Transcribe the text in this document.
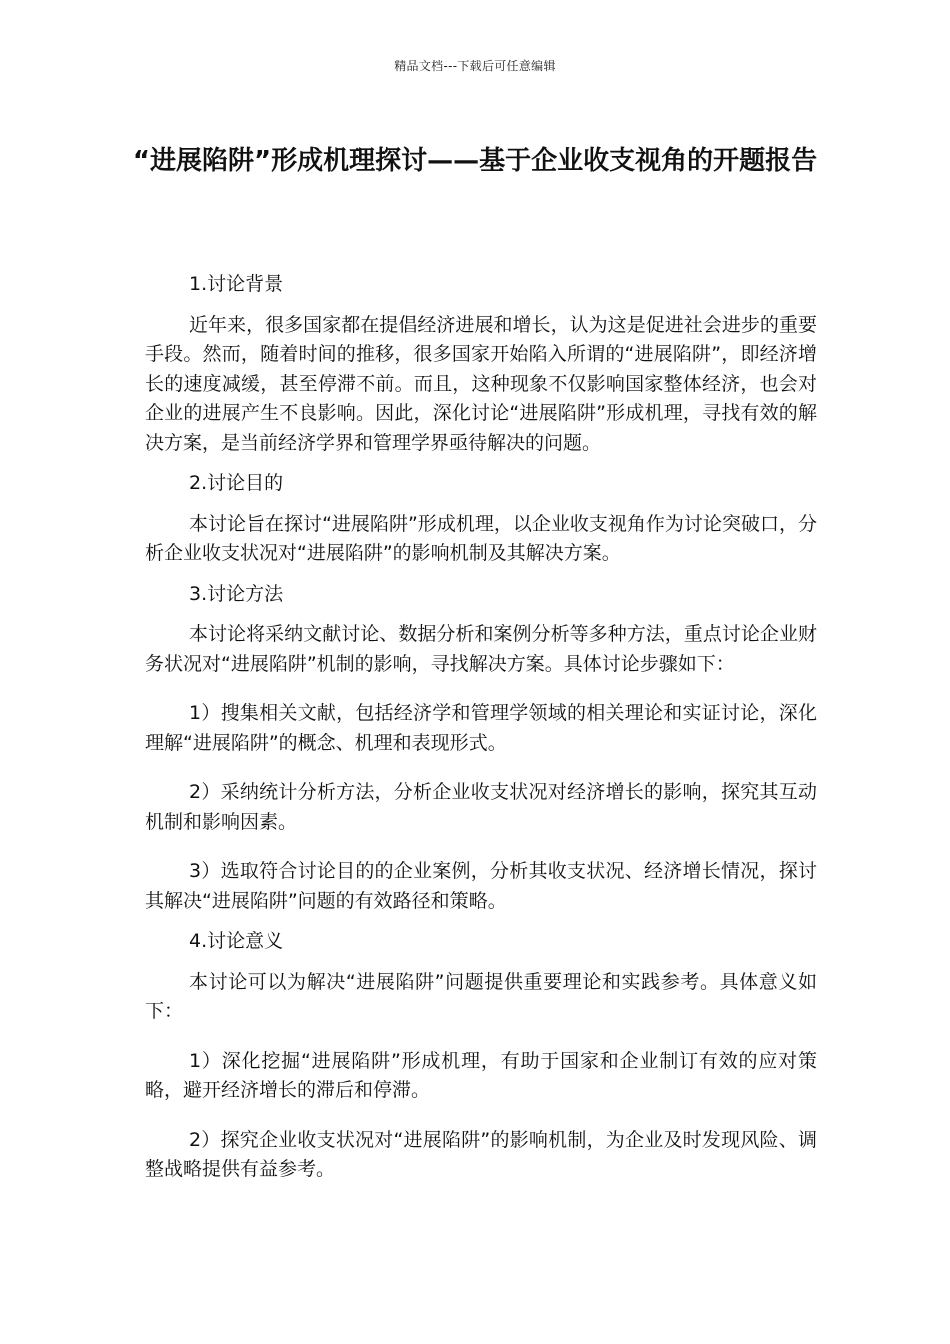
精品文档---下载后可任意编辑
“进展陷阱”形成机理探讨——基于企业收支视角的开题报告

1.讨论背景

近年来，很多国家都在提倡经济进展和增长，认为这是促进社会进步的重要手段。然而，随着时间的推移，很多国家开始陷入所谓的“进展陷阱”，即经济增长的速度减缓，甚至停滞不前。而且，这种现象不仅影响国家整体经济，也会对企业的进展产生不良影响。因此，深化讨论“进展陷阱”形成机理，寻找有效的解决方案，是当前经济学界和管理学界亟待解决的问题。

2.讨论目的

本讨论旨在探讨“进展陷阱”形成机理，以企业收支视角作为讨论突破口，分析企业收支状况对“进展陷阱”的影响机制及其解决方案。

3.讨论方法

本讨论将采纳文献讨论、数据分析和案例分析等多种方法，重点讨论企业财务状况对“进展陷阱”机制的影响，寻找解决方案。具体讨论步骤如下：

1）搜集相关文献，包括经济学和管理学领域的相关理论和实证讨论，深化理解“进展陷阱”的概念、机理和表现形式。

2）采纳统计分析方法，分析企业收支状况对经济增长的影响，探究其互动机制和影响因素。

3）选取符合讨论目的的企业案例，分析其收支状况、经济增长情况，探讨其解决“进展陷阱”问题的有效路径和策略。

4.讨论意义

本讨论可以为解决“进展陷阱”问题提供重要理论和实践参考。具体意义如下：

1）深化挖掘“进展陷阱”形成机理，有助于国家和企业制订有效的应对策略，避开经济增长的滞后和停滞。

2）探究企业收支状况对“进展陷阱”的影响机制，为企业及时发现风险、调整战略提供有益参考。
